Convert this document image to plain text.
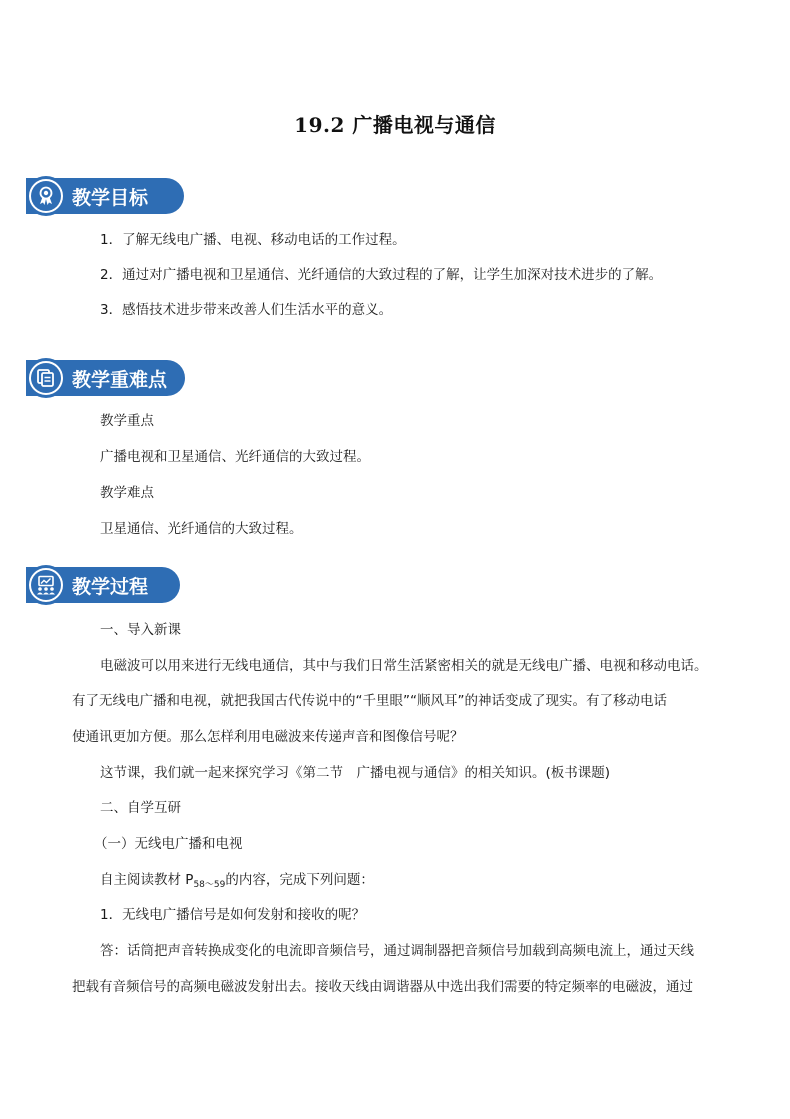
19.2 广播电视与通信
教学目标
1．了解无线电广播、电视、移动电话的工作过程。
2．通过对广播电视和卫星通信、光纤通信的大致过程的了解，让学生加深对技术进步的了解。
3．感悟技术进步带来改善人们生活水平的意义。
教学重难点
教学重点
广播电视和卫星通信、光纤通信的大致过程。
教学难点
卫星通信、光纤通信的大致过程。
教学过程
一、导入新课
电磁波可以用来进行无线电通信，其中与我们日常生活紧密相关的就是无线电广播、电视和移动电话。
有了无线电广播和电视，就把我国古代传说中的“千里眼”“顺风耳”的神话变成了现实。有了移动电话
使通讯更加方便。那么怎样利用电磁波来传递声音和图像信号呢？
这节课，我们就一起来探究学习《第二节　广播电视与通信》的相关知识。(板书课题)
二、自学互研
（一）无线电广播和电视
自主阅读教材 $P_{58\sim 59}$的内容，完成下列问题：
1．无线电广播信号是如何发射和接收的呢？
答：话筒把声音转换成变化的电流即音频信号，通过调制器把音频信号加载到高频电流上，通过天线
把载有音频信号的高频电磁波发射出去。接收天线由调谐器从中选出我们需要的特定频率的电磁波，通过
